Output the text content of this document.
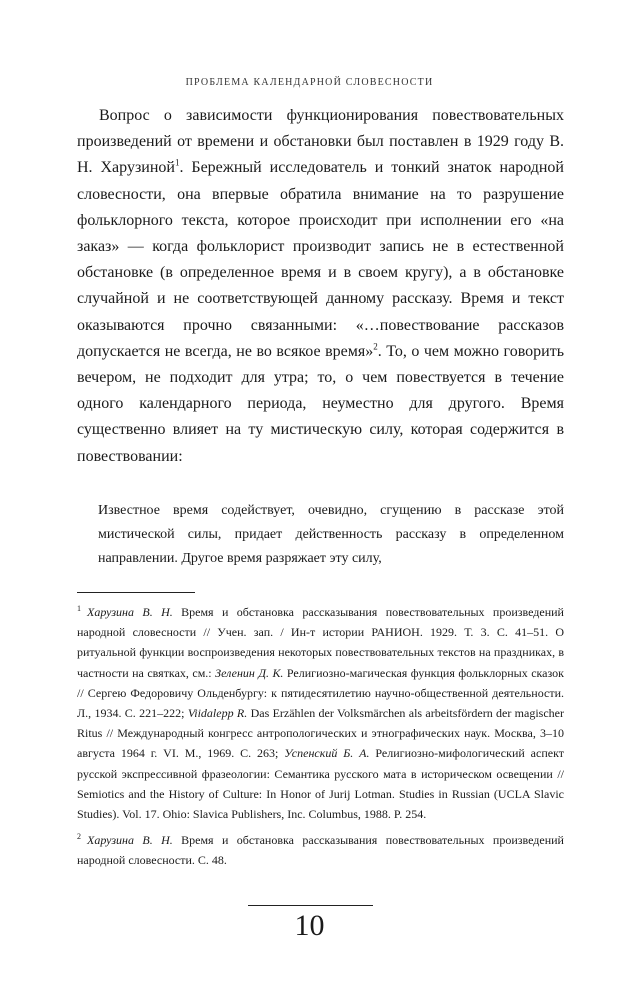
ПРОБЛЕМА КАЛЕНДАРНОЙ СЛОВЕСНОСТИ

Вопрос о зависимости функционирования повествовательных произведений от времени и обстановки был поставлен в 1929 году В. Н. Харузиной$^1$. Бережный исследователь и тонкий знаток народной словесности, она впервые обратила внимание на то разрушение фольклорного текста, которое происходит при исполнении его «на заказ» — когда фольклорист производит запись не в естественной обстановке (в определенное время и в своем кругу), а в обстановке случайной и не соответствующей данному рассказу. Время и текст оказываются прочно связанными: «…повествование рассказов допускается не всегда, не во всякое время»$^2$. То, о чем можно говорить вечером, не подходит для утра; то, о чем повествуется в течение одного календарного периода, неуместно для другого. Время существенно влияет на ту мистическую силу, которая содержится в повествовании:

Известное время содействует, очевидно, сгущению в рассказе этой мистической силы, придает действенность рассказу в определенном направлении. Другое время разряжает эту силу,

$^1$ Харузина В. Н. Время и обстановка рассказывания повествовательных произведений народной словесности // Учен. зап. / Ин-т истории РАНИОН. 1929. Т. 3. С. 41–51. О ритуальной функции воспроизведения некоторых повествовательных текстов на праздниках, в частности на святках, см.: Зеленин Д. К. Религиозно-магическая функция фольклорных сказок // Сергею Федоровичу Ольденбургу: к пятидесятилетию научно-общественной деятельности. Л., 1934. С. 221–222; Viidalepp R. Das Erzählen der Volksmärchen als arbeitsfördern der magischer Ritus // Международный конгресс антропологических и этнографических наук. Москва, 3–10 августа 1964 г. VI. М., 1969. С. 263; Успенский Б. А. Религиозно-мифологический аспект русской экспрессивной фразеологии: Семантика русского мата в историческом освещении // Semiotics and the History of Culture: In Honor of Jurij Lotman. Studies in Russian (UCLA Slavic Studies). Vol. 17. Ohio: Slavica Publishers, Inc. Columbus, 1988. P. 254.

$^2$ Харузина В. Н. Время и обстановка рассказывания повествовательных произведений народной словесности. С. 48.

10
